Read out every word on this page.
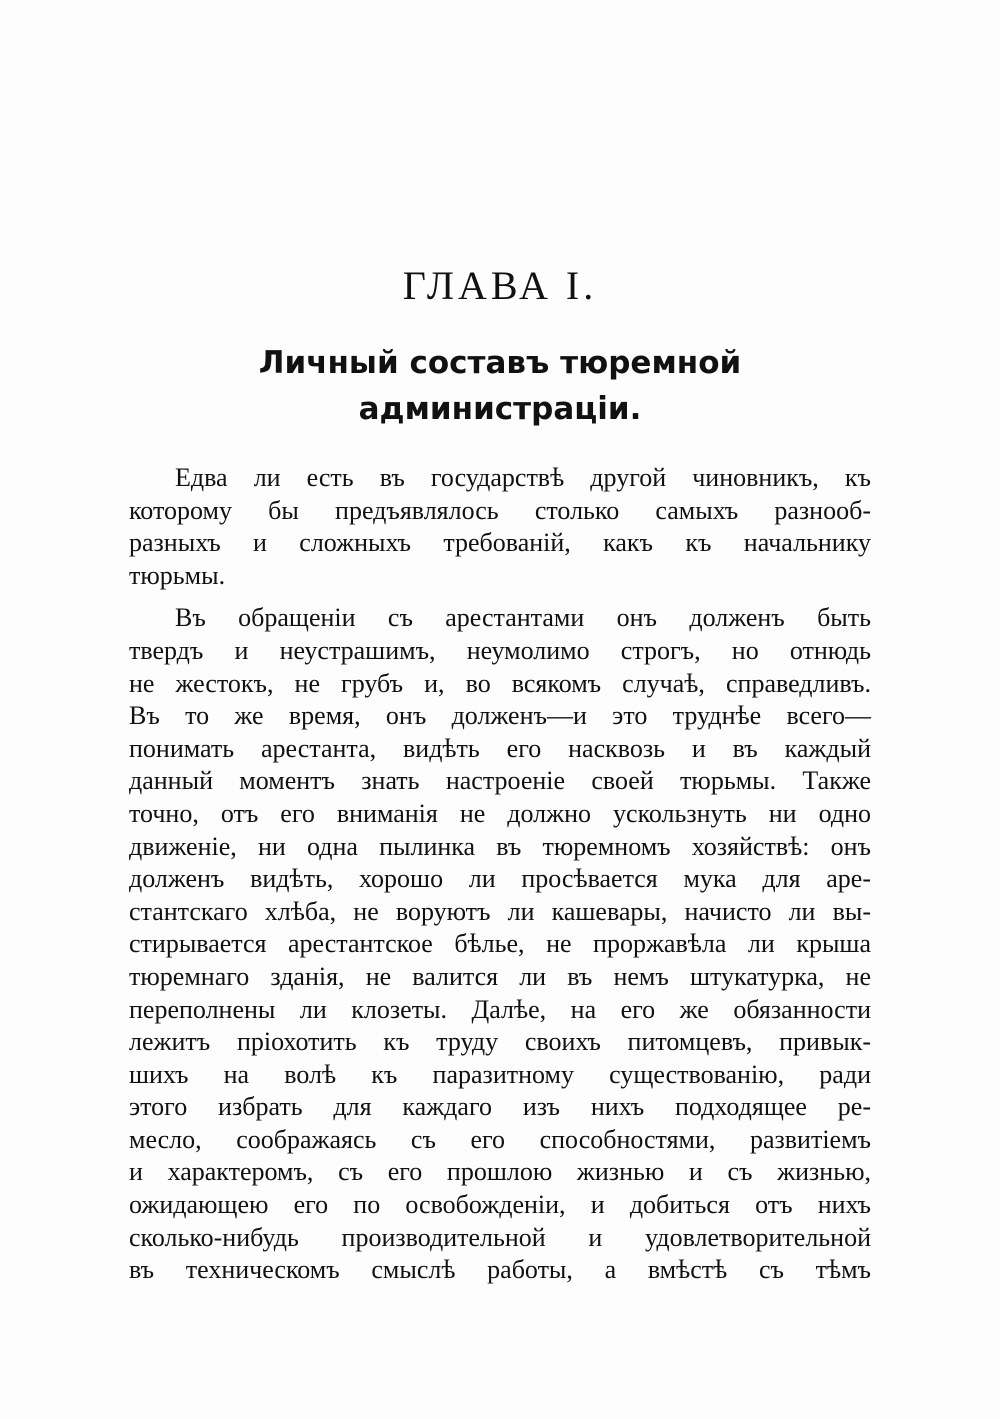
ГЛАВА I.
Личный составъ тюремной
администраціи.

Едва ли есть въ государствѣ другой чиновникъ, къ
которому бы предъявлялось столько самыхъ разнооб-
разныхъ и сложныхъ требованій, какъ къ начальнику
тюрьмы.

Въ обращеніи съ арестантами онъ долженъ быть
твердъ и неустрашимъ, неумолимо строгъ, но отнюдь
не жестокъ, не грубъ и, во всякомъ случаѣ, справедливъ.
Въ то же время, онъ долженъ—и это труднѣе всего—
понимать арестанта, видѣть его насквозь и въ каждый
данный моментъ знать настроеніе своей тюрьмы. Также
точно, отъ его вниманія не должно ускользнуть ни одно
движеніе, ни одна пылинка въ тюремномъ хозяйствѣ: онъ
долженъ видѣть, хорошо ли просѣвается мука для аре-
стантскаго хлѣба, не воруютъ ли кашевары, начисто ли вы-
стирывается арестантское бѣлье, не проржавѣла ли крыша
тюремнаго зданія, не валится ли въ немъ штукатурка, не
переполнены ли клозеты. Далѣе, на его же обязанности
лежитъ пріохотить къ труду своихъ питомцевъ, привык-
шихъ на волѣ къ паразитному существованію, ради
этого избрать для каждаго изъ нихъ подходящее ре-
месло, соображаясь съ его способностями, развитіемъ
и характеромъ, съ его прошлою жизнью и съ жизнью,
ожидающею его по освобожденіи, и добиться отъ нихъ
сколько-нибудь производительной и удовлетворительной
въ техническомъ смыслѣ работы, а вмѣстѣ съ тѣмъ
